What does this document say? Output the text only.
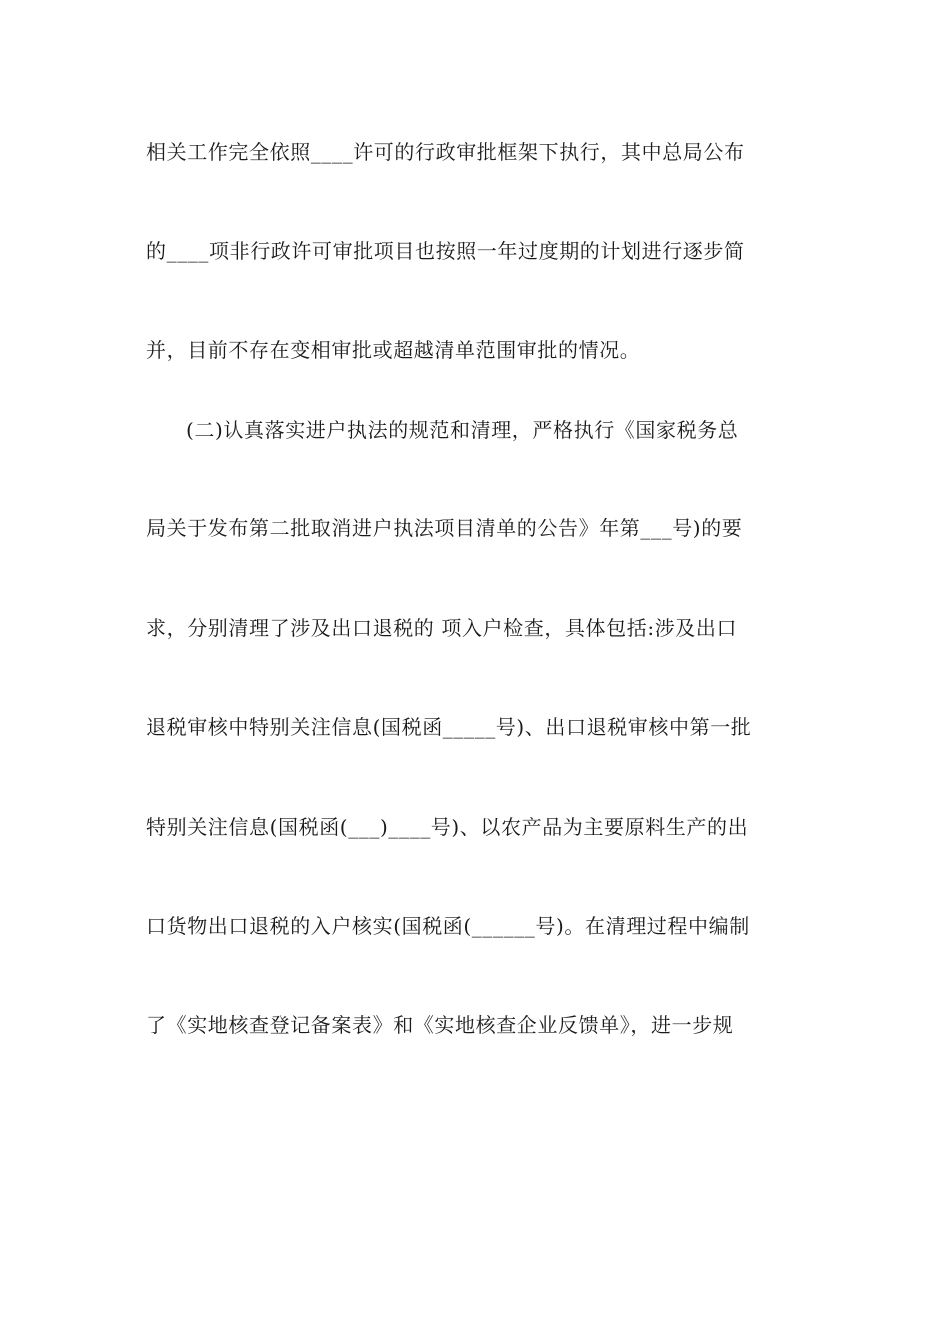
相关工作完全依照____许可的行政审批框架下执行，其中总局公布
的____项非行政许可审批项目也按照一年过度期的计划进行逐步简
并，目前不存在变相审批或超越清单范围审批的情况。
(二)认真落实进户执法的规范和清理，严格执行《国家税务总
局关于发布第二批取消进户执法项目清单的公告》年第___号)的要
求，分别清理了涉及出口退税的 项入户检查，具体包括:涉及出口
退税审核中特别关注信息(国税函_____号)、出口退税审核中第一批
特别关注信息(国税函(___)____号)、以农产品为主要原料生产的出
口货物出口退税的入户核实(国税函(______号)。在清理过程中编制
了《实地核查登记备案表》和《实地核查企业反馈单》，进一步规
